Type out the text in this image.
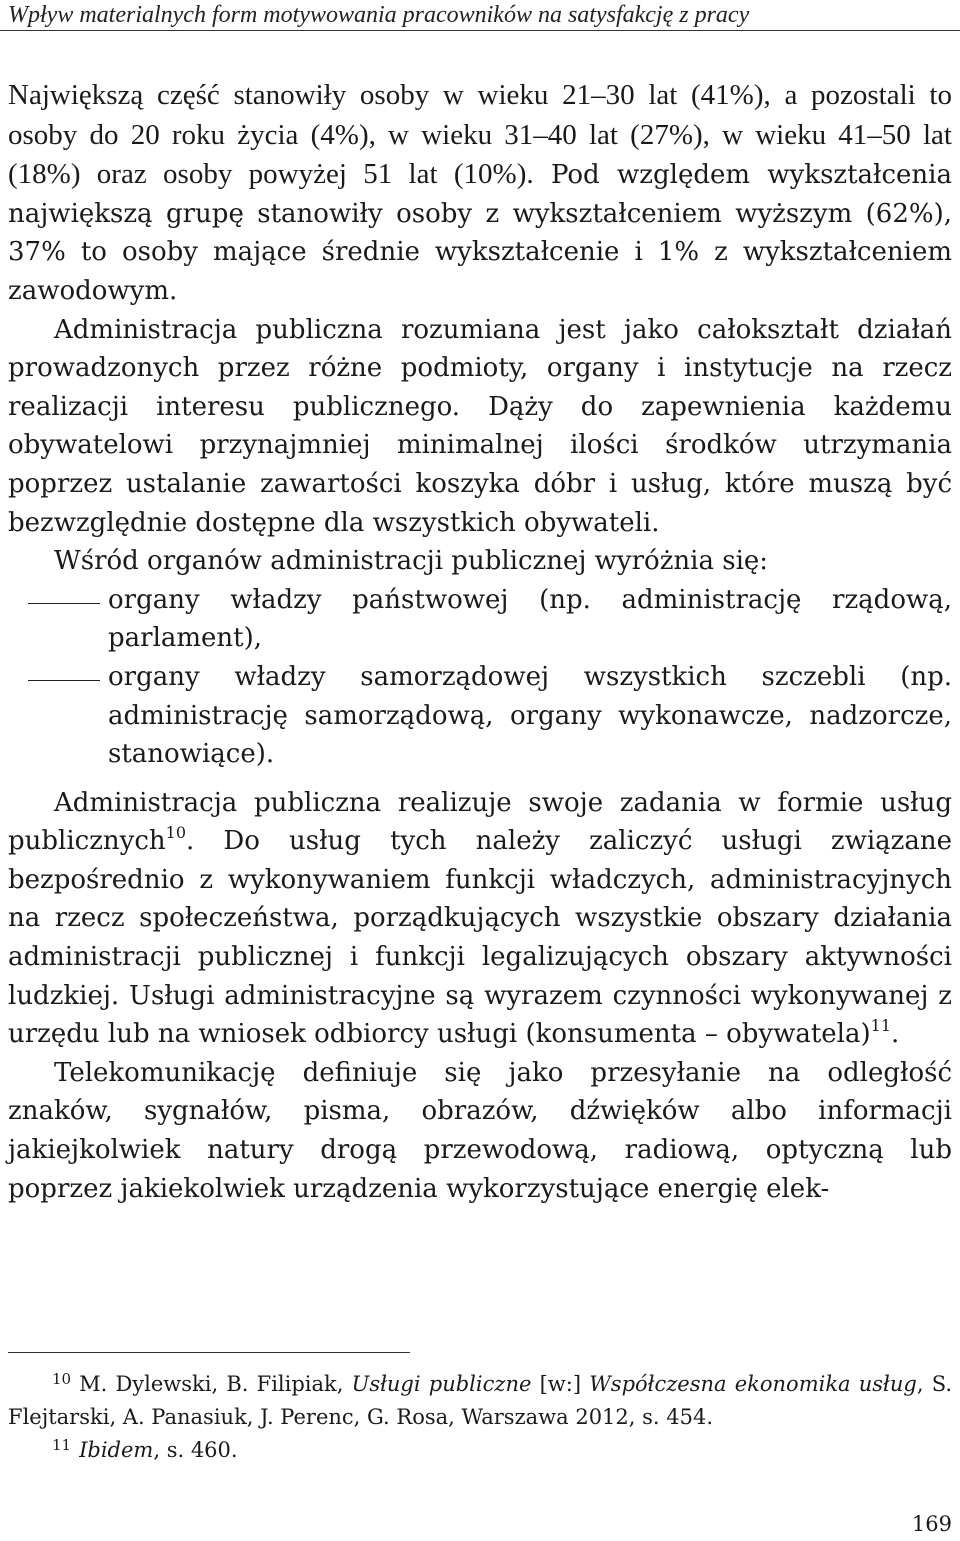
Wpływ materialnych form motywowania pracowników na satysfakcję z pracy

Największą część stanowiły osoby w wieku 21–30 lat (41%), a pozostali to osoby do 20 roku życia (4%), w wieku 31–40 lat (27%), w wieku 41–50 lat (18%) oraz osoby powyżej 51 lat (10%). Pod względem wykształcenia największą grupę stanowiły osoby z wykształceniem wyższym (62%), 37% to osoby mające średnie wykształcenie i 1% z wykształceniem zawodowym.

Administracja publiczna rozumiana jest jako całokształt działań prowadzonych przez różne podmioty, organy i instytucje na rzecz realizacji interesu publicznego. Dąży do zapewnienia każdemu obywatelowi przynajmniej minimalnej ilości środków utrzymania poprzez ustalanie zawartości koszyka dóbr i usług, które muszą być bezwzględnie dostępne dla wszystkich obywateli.

Wśród organów administracji publicznej wyróżnia się:

organy władzy państwowej (np. administrację rządową, parlament),

organy władzy samorządowej wszystkich szczebli (np. administrację samorządową, organy wykonawcze, nadzorcze, stanowiące).

Administracja publiczna realizuje swoje zadania w formie usług publicznych$^{10}$. Do usług tych należy zaliczyć usługi związane bezpośrednio z wykonywaniem funkcji władczych, administracyjnych na rzecz społeczeństwa, porządkujących wszystkie obszary działania administracji publicznej i funkcji legalizujących obszary aktywności ludzkiej. Usługi administracyjne są wyrazem czynności wykonywanej z urzędu lub na wniosek odbiorcy usługi (konsumenta – obywatela)$^{11}$.

Telekomunikację definiuje się jako przesyłanie na odległość znaków, sygnałów, pisma, obrazów, dźwięków albo informacji jakiejkolwiek natury drogą przewodową, radiową, optyczną lub poprzez jakiekolwiek urządzenia wykorzystujące energię elek-

$^{10}$ M. Dylewski, B. Filipiak, Usługi publiczne [w:] Współczesna ekonomika usług, S. Flejtarski, A. Panasiuk, J. Perenc, G. Rosa, Warszawa 2012, s. 454.

$^{11}$ Ibidem, s. 460.

169
